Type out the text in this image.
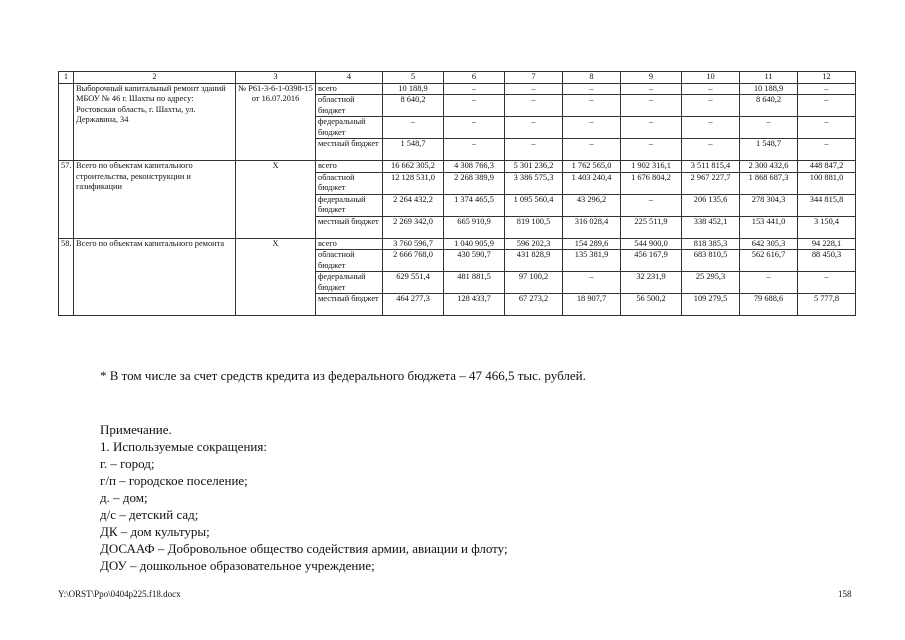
1	2	3	4	5	6	7	8	9	10	11	12
	Выборочный капитальный ремонт зданий МБОУ № 46 г. Шахты по адресу: Ростовская область, г. Шахты, ул. Державина, 34	№ Р61-3-6-1-0398-15 от 16.07.2016	всего	10 188,9	–	–	–	–	–	10 188,9	–
			областной бюджет	8 640,2	–	–	–	–	–	8 640,2	–
			федеральный бюджет	–	–	–	–	–	–	–	–
			местный бюджет	1 548,7	–	–	–	–	–	1 548,7	–
57.	Всего по объектам капитального строительства, реконструкции и газификации	Х	всего	16 662 305,2	4 308 766,3	5 301 236,2	1 762 565,0	1 902 316,1	3 511 815,4	2 300 432,6	448 847,2
			областной бюджет	12 128 531,0	2 268 389,9	3 386 575,3	1 403 240,4	1 676 804,2	2 967 227,7	1 868 687,3	100 881,0
			федеральный бюджет	2 264 432,2	1 374 465,5	1 095 560,4	43 296,2	–	206 135,6	278 304,3	344 815,8
			местный бюджет	2 269 342,0	665 910,9	819 100,5	316 028,4	225 511,9	338 452,1	153 441,0	3 150,4
58.	Всего по объектам капитального ремонта	Х	всего	3 760 596,7	1 040 905,9	596 202,3	154 289,6	544 900,0	818 385,3	642 305,3	94 228,1
			областной бюджет	2 666 768,0	430 590,7	431 828,9	135 381,9	456 167,9	683 810,5	562 616,7	88 450,3
			федеральный бюджет	629 551,4	481 881,5	97 100,2	–	32 231,9	25 295,3	–	–
			местный бюджет	464 277,3	128 433,7	67 273,2	18 907,7	56 500,2	109 279,5	79 688,6	5 777,8
* В том числе за счет средств кредита из федерального бюджета – 47 466,5 тыс. рублей.
Примечание.
1. Используемые сокращения:
г. – город;
г/п – городское поселение;
д. – дом;
д/с – детский сад;
ДК – дом культуры;
ДОСААФ – Добровольное общество содействия армии, авиации и флоту;
ДОУ – дошкольное образовательное учреждение;
Y:\ORST\Ppo\0404p225.f18.docx	158
